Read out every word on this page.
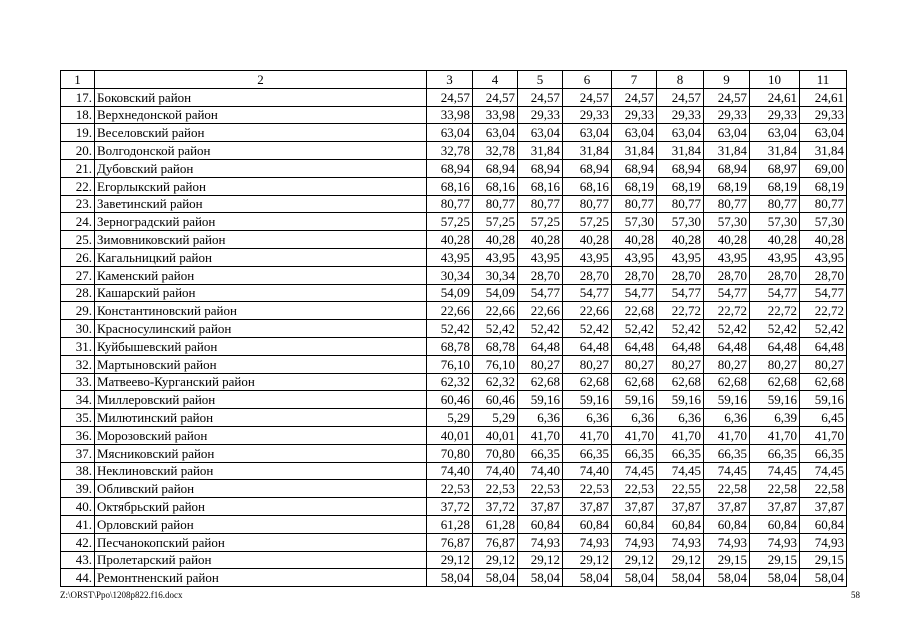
1	2	3	4	5	6	7	8	9	10	11
17.	Боковский район	24,57	24,57	24,57	24,57	24,57	24,57	24,57	24,61	24,61
18.	Верхнедонской район	33,98	33,98	29,33	29,33	29,33	29,33	29,33	29,33	29,33
19.	Веселовский район	63,04	63,04	63,04	63,04	63,04	63,04	63,04	63,04	63,04
20.	Волгодонской район	32,78	32,78	31,84	31,84	31,84	31,84	31,84	31,84	31,84
21.	Дубовский район	68,94	68,94	68,94	68,94	68,94	68,94	68,94	68,97	69,00
22.	Егорлыкский район	68,16	68,16	68,16	68,16	68,19	68,19	68,19	68,19	68,19
23.	Заветинский район	80,77	80,77	80,77	80,77	80,77	80,77	80,77	80,77	80,77
24.	Зерноградский район	57,25	57,25	57,25	57,25	57,30	57,30	57,30	57,30	57,30
25.	Зимовниковский район	40,28	40,28	40,28	40,28	40,28	40,28	40,28	40,28	40,28
26.	Кагальницкий район	43,95	43,95	43,95	43,95	43,95	43,95	43,95	43,95	43,95
27.	Каменский район	30,34	30,34	28,70	28,70	28,70	28,70	28,70	28,70	28,70
28.	Кашарский район	54,09	54,09	54,77	54,77	54,77	54,77	54,77	54,77	54,77
29.	Константиновский район	22,66	22,66	22,66	22,66	22,68	22,72	22,72	22,72	22,72
30.	Красносулинский район	52,42	52,42	52,42	52,42	52,42	52,42	52,42	52,42	52,42
31.	Куйбышевский район	68,78	68,78	64,48	64,48	64,48	64,48	64,48	64,48	64,48
32.	Мартыновский район	76,10	76,10	80,27	80,27	80,27	80,27	80,27	80,27	80,27
33.	Матвеево-Курганский район	62,32	62,32	62,68	62,68	62,68	62,68	62,68	62,68	62,68
34.	Миллеровский район	60,46	60,46	59,16	59,16	59,16	59,16	59,16	59,16	59,16
35.	Милютинский район	5,29	5,29	6,36	6,36	6,36	6,36	6,36	6,39	6,45
36.	Морозовский район	40,01	40,01	41,70	41,70	41,70	41,70	41,70	41,70	41,70
37.	Мясниковский район	70,80	70,80	66,35	66,35	66,35	66,35	66,35	66,35	66,35
38.	Неклиновский район	74,40	74,40	74,40	74,40	74,45	74,45	74,45	74,45	74,45
39.	Обливский район	22,53	22,53	22,53	22,53	22,53	22,55	22,58	22,58	22,58
40.	Октябрьский район	37,72	37,72	37,87	37,87	37,87	37,87	37,87	37,87	37,87
41.	Орловский район	61,28	61,28	60,84	60,84	60,84	60,84	60,84	60,84	60,84
42.	Песчанокопский район	76,87	76,87	74,93	74,93	74,93	74,93	74,93	74,93	74,93
43.	Пролетарский район	29,12	29,12	29,12	29,12	29,12	29,12	29,15	29,15	29,15
44.	Ремонтненский район	58,04	58,04	58,04	58,04	58,04	58,04	58,04	58,04	58,04
Z:\ORST\Ppo\1208p822.f16.docx	58
